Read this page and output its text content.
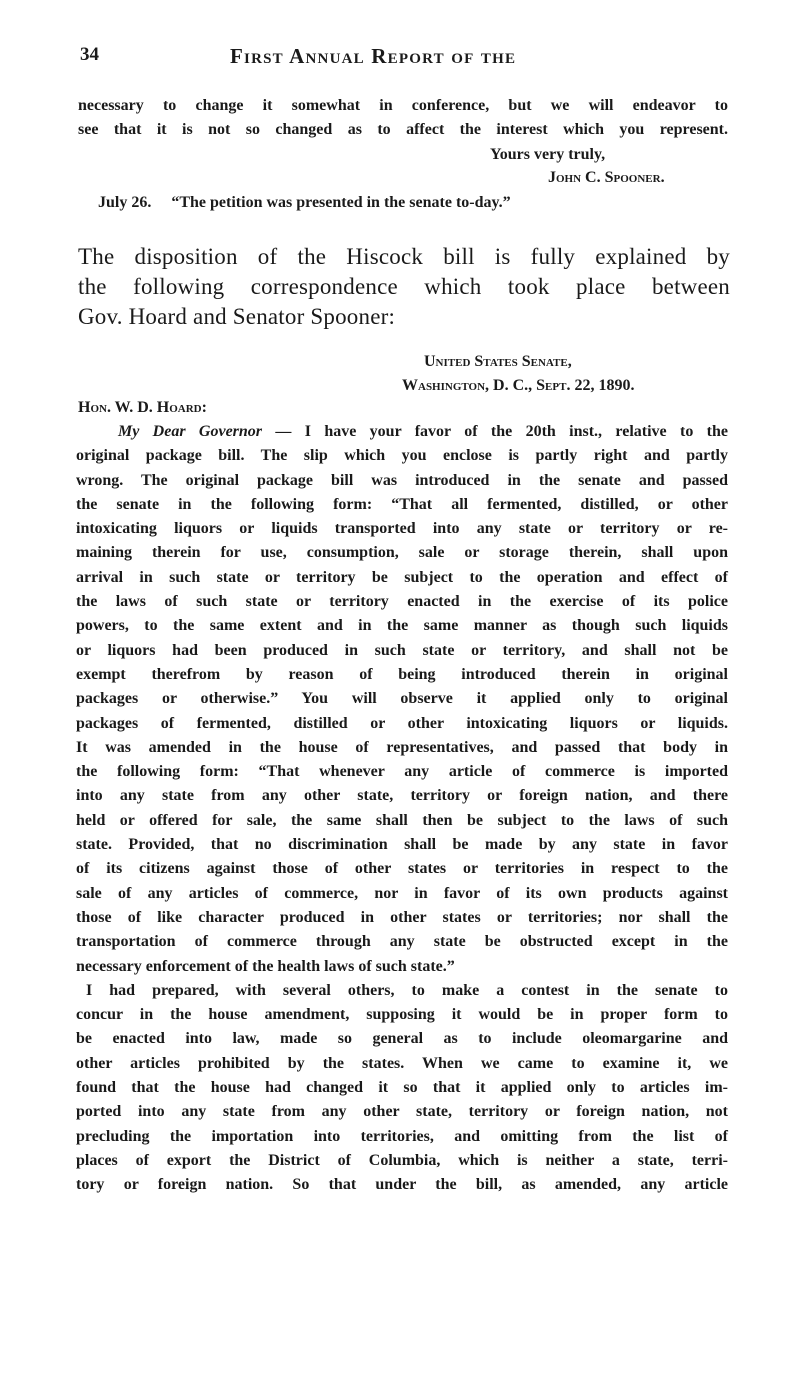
34	First Annual Report of the
necessary to change it somewhat in conference, but we will endeavor to
see that it is not so changed as to affect the interest which you represent.
Yours very truly,
John C. Spooner.
July 26. “The petition was presented in the senate to-day.”
The disposition of the Hiscock bill is fully explained by
the following correspondence which took place between
Gov. Hoard and Senator Spooner:
United States Senate,
Washington, D. C., Sept. 22, 1890.
Hon. W. D. Hoard:
My Dear Governor — I have your favor of the 20th inst., relative to the
original package bill. The slip which you enclose is partly right and partly
wrong. The original package bill was introduced in the senate and passed
the senate in the following form: “That all fermented, distilled, or other
intoxicating liquors or liquids transported into any state or territory or re-
maining therein for use, consumption, sale or storage therein, shall upon
arrival in such state or territory be subject to the operation and effect of
the laws of such state or territory enacted in the exercise of its police
powers, to the same extent and in the same manner as though such liquids
or liquors had been produced in such state or territory, and shall not be
exempt therefrom by reason of being introduced therein in original
packages or otherwise.” You will observe it applied only to original
packages of fermented, distilled or other intoxicating liquors or liquids.
It was amended in the house of representatives, and passed that body in
the following form: “That whenever any article of commerce is imported
into any state from any other state, territory or foreign nation, and there
held or offered for sale, the same shall then be subject to the laws of such
state. Provided, that no discrimination shall be made by any state in favor
of its citizens against those of other states or territories in respect to the
sale of any articles of commerce, nor in favor of its own products against
those of like character produced in other states or territories; nor shall the
transportation of commerce through any state be obstructed except in the
necessary enforcement of the health laws of such state.”
I had prepared, with several others, to make a contest in the senate to
concur in the house amendment, supposing it would be in proper form to
be enacted into law, made so general as to include oleomargarine and
other articles prohibited by the states. When we came to examine it, we
found that the house had changed it so that it applied only to articles im-
ported into any state from any other state, territory or foreign nation, not
precluding the importation into territories, and omitting from the list of
places of export the District of Columbia, which is neither a state, terri-
tory or foreign nation. So that under the bill, as amended, any article
